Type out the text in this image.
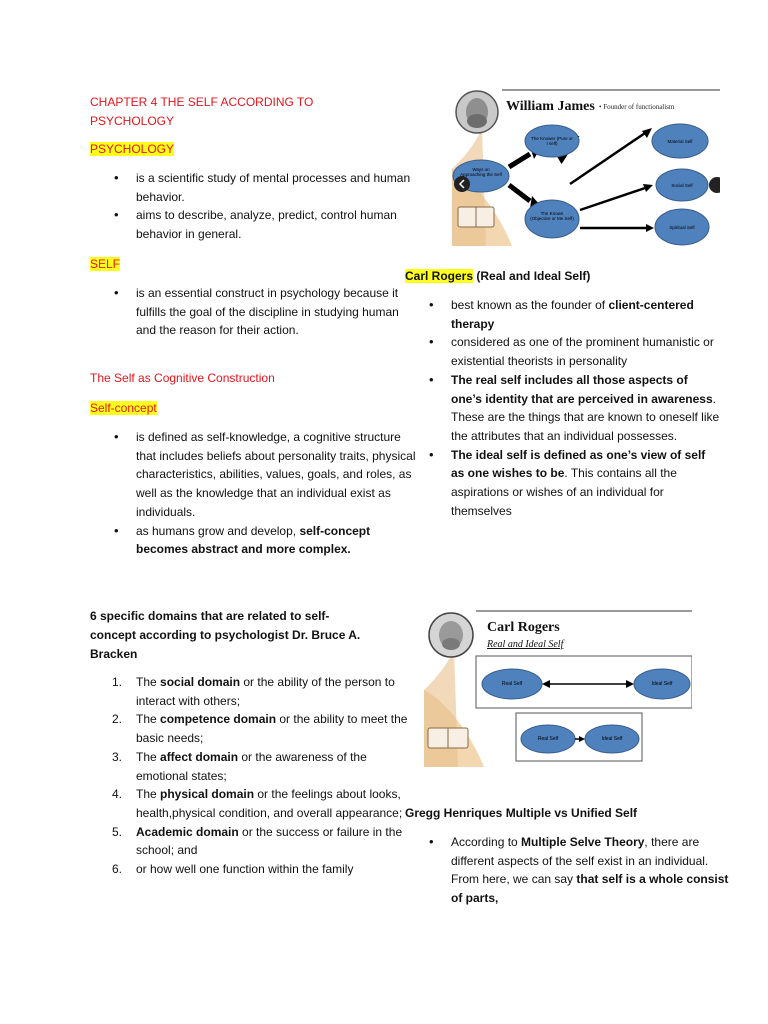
CHAPTER 4 THE SELF ACCORDING TO PSYCHOLOGY

PSYCHOLOGY

• is a scientific study of mental processes and human behavior.
• aims to describe, analyze, predict, control human behavior in general.

SELF

• is an essential construct in psychology because it fulfills the goal of the discipline in studying human and the reason for their action.

The Self as Cognitive Construction

Self-concept

• is defined as self-knowledge, a cognitive structure that includes beliefs about personality traits, physical characteristics, abilities, values, goals, and roles, as well as the knowledge that an individual exist as individuals.
• as humans grow and develop, self-concept becomes abstract and more complex.

6 specific domains that are related to self-concept according to psychologist Dr. Bruce A. Bracken

1. The social domain or the ability of the person to interact with others;
2. The competence domain or the ability to meet the basic needs;
3. The affect domain or the awareness of the emotional states;
4. The physical domain or the feelings about looks, health,physical condition, and overall appearance;
5. Academic domain or the success or failure in the school; and
6. or how well one function within the family
William James • Founder of functionalism
Ways on Approaching the Self
The Knower (Pure or I self)
The Known (Objective or Me Self)
Material Self
Social Self
Spiritual Self

Carl Rogers (Real and Ideal Self)

• best known as the founder of client-centered therapy
• considered as one of the prominent humanistic or existential theorists in personality
• The real self includes all those aspects of one’s identity that are perceived in awareness. These are the things that are known to oneself like the attributes that an individual possesses.
• The ideal self is defined as one’s view of self as one wishes to be. This contains all the aspirations or wishes of an individual for themselves

Gregg Henriques Multiple vs Unified Self

• According to Multiple Selve Theory, there are different aspects of the self exist in an individual. From here, we can say that self is a whole consist of parts,
Carl Rogers
Real and Ideal Self
Real Self	Ideal Self
Real Self	Ideal Self
